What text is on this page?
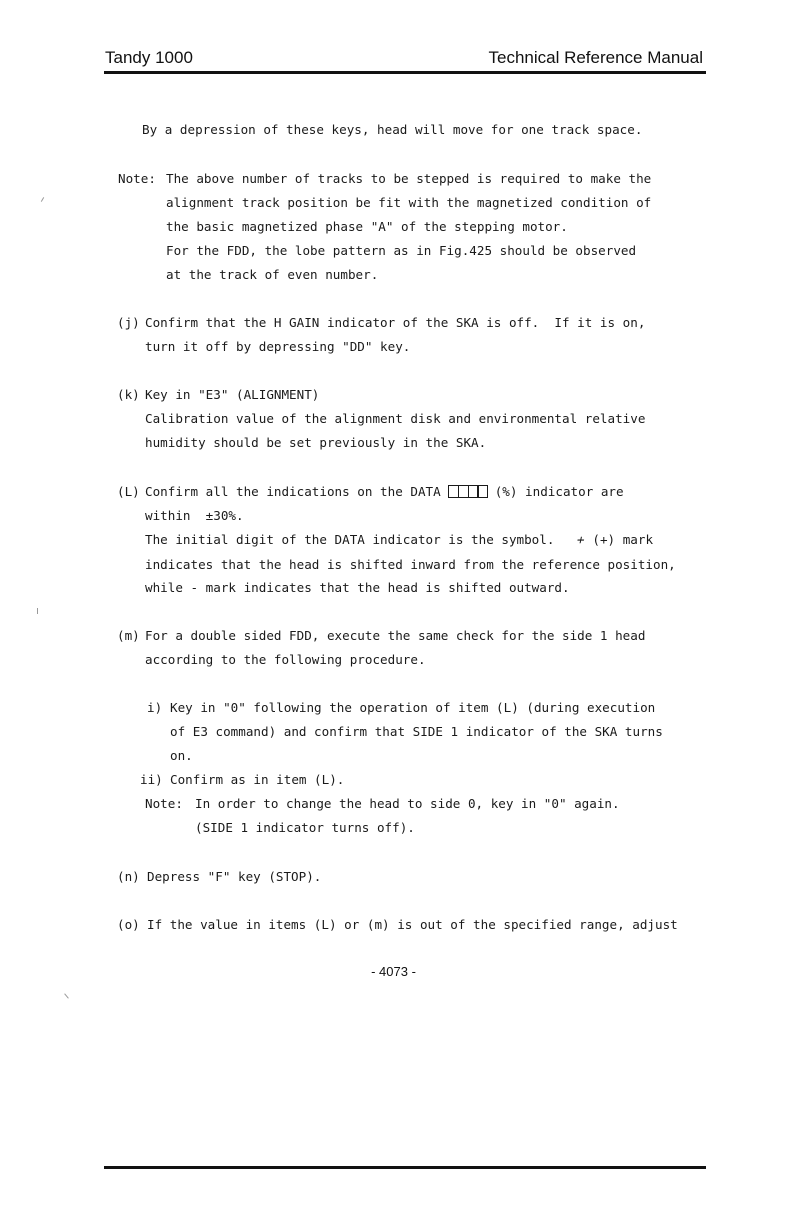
Tandy 1000	Technical Reference Manual
By a depression of these keys, head will move for one track space.
Note: The above number of tracks to be stepped is required to make the
alignment track position be fit with the magnetized condition of
the basic magnetized phase "A" of the stepping motor.
For the FDD, the lobe pattern as in Fig.425 should be observed
at the track of even number.
(j) Confirm that the H GAIN indicator of the SKA is off.  If it is on,
turn it off by depressing "DD" key.
(k) Key in "E3" (ALIGNMENT)
Calibration value of the alignment disk and environmental relative
humidity should be set previously in the SKA.
(L) Confirm all the indications on the DATA	(%) indicator are
within  ±30%.
The initial digit of the DATA indicator is the symbol. + (+) mark
indicates that the head is shifted inward from the reference position,
while - mark indicates that the head is shifted outward.
(m) For a double sided FDD, execute the same check for the side 1 head
according to the following procedure.
i) Key in "0" following the operation of item (L) (during execution
of E3 command) and confirm that SIDE 1 indicator of the SKA turns
on.
ii) Confirm as in item (L).
Note: In order to change the head to side 0, key in "0" again.
(SIDE 1 indicator turns off).
(n) Depress "F" key (STOP).
(o) If the value in items (L) or (m) is out of the specified range, adjust
- 4073 -
